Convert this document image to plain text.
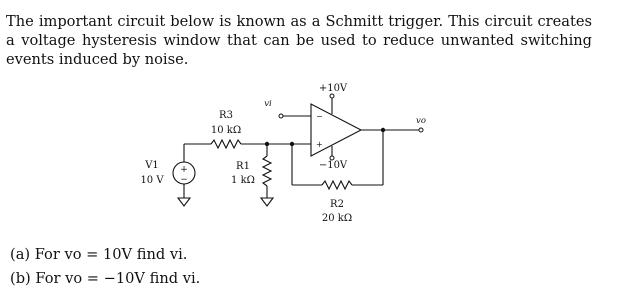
The important circuit below is known as a Schmitt trigger. This circuit creates a voltage hysteresis window that can be used to reduce unwanted switching events induced by noise.

+10V
−10V
vi
vo
−
+
R3
10 kΩ
R1
1 kΩ
R2
20 kΩ
V1
10 V
+
−

(a) For vo = 10V find vi.

(b) For vo = −10V find vi.
